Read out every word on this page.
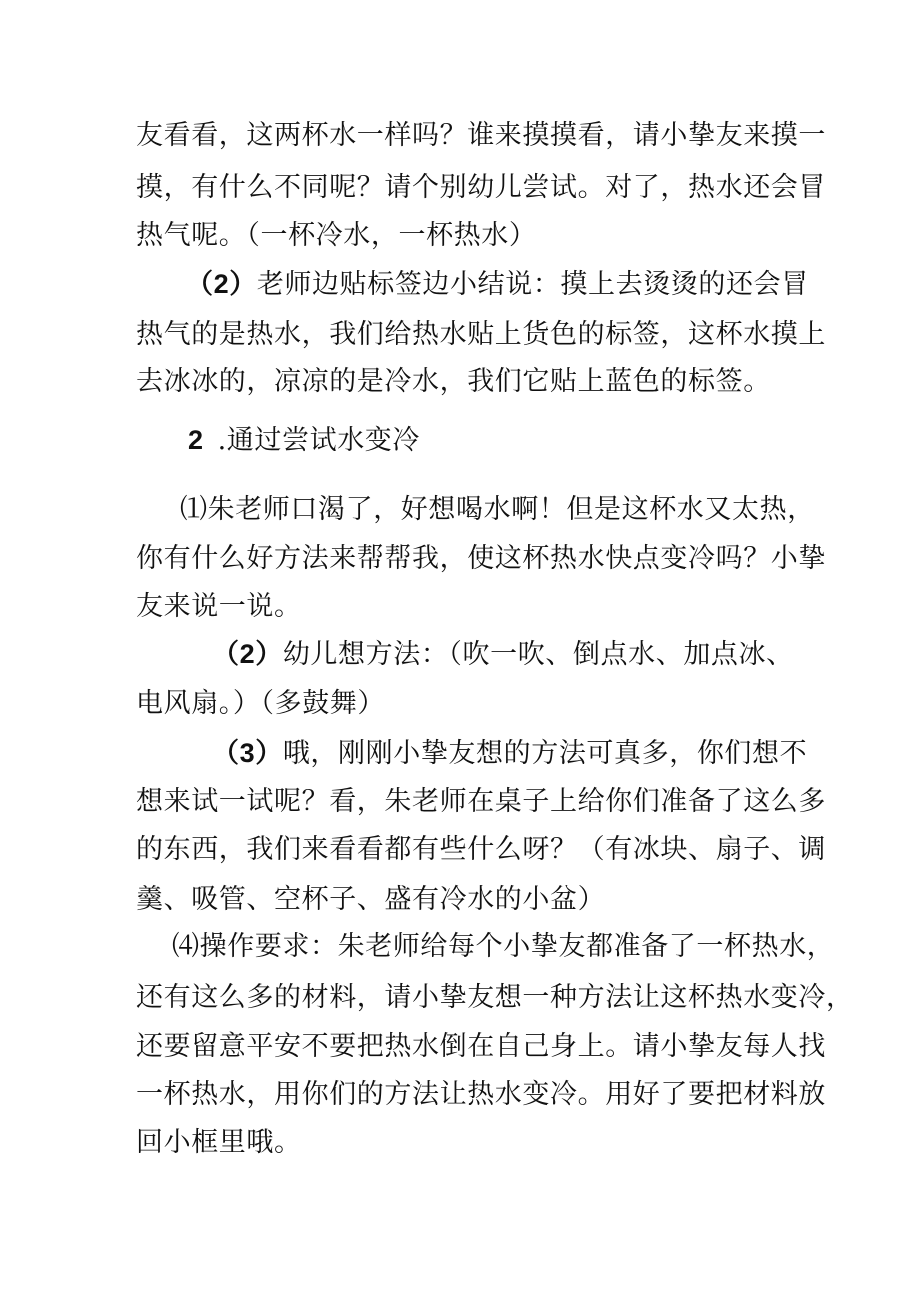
友看看，这两杯水一样吗？谁来摸摸看，请小挚友来摸一
摸，有什么不同呢？请个别幼儿尝试。对了，热水还会冒
热气呢。（一杯冷水，一杯热水）
（2）老师边贴标签边小结说：摸上去烫烫的还会冒
热气的是热水，我们给热水贴上货色的标签，这杯水摸上
去冰冰的，凉凉的是冷水，我们它贴上蓝色的标签。
2 .通过尝试水变冷
⑴朱老师口渴了，好想喝水啊！但是这杯水又太热，
你有什么好方法来帮帮我，使这杯热水快点变冷吗？小挚
友来说一说。
（2）幼儿想方法：（吹一吹、倒点水、加点冰、
电风扇。）（多鼓舞）
（3）哦，刚刚小挚友想的方法可真多，你们想不
想来试一试呢？看，朱老师在桌子上给你们准备了这么多
的东西，我们来看看都有些什么呀？（有冰块、扇子、调
羹、吸管、空杯子、盛有冷水的小盆）
⑷操作要求：朱老师给每个小挚友都准备了一杯热水，
还有这么多的材料，请小挚友想一种方法让这杯热水变冷，
还要留意平安不要把热水倒在自己身上。请小挚友每人找
一杯热水，用你们的方法让热水变冷。用好了要把材料放
回小框里哦。
